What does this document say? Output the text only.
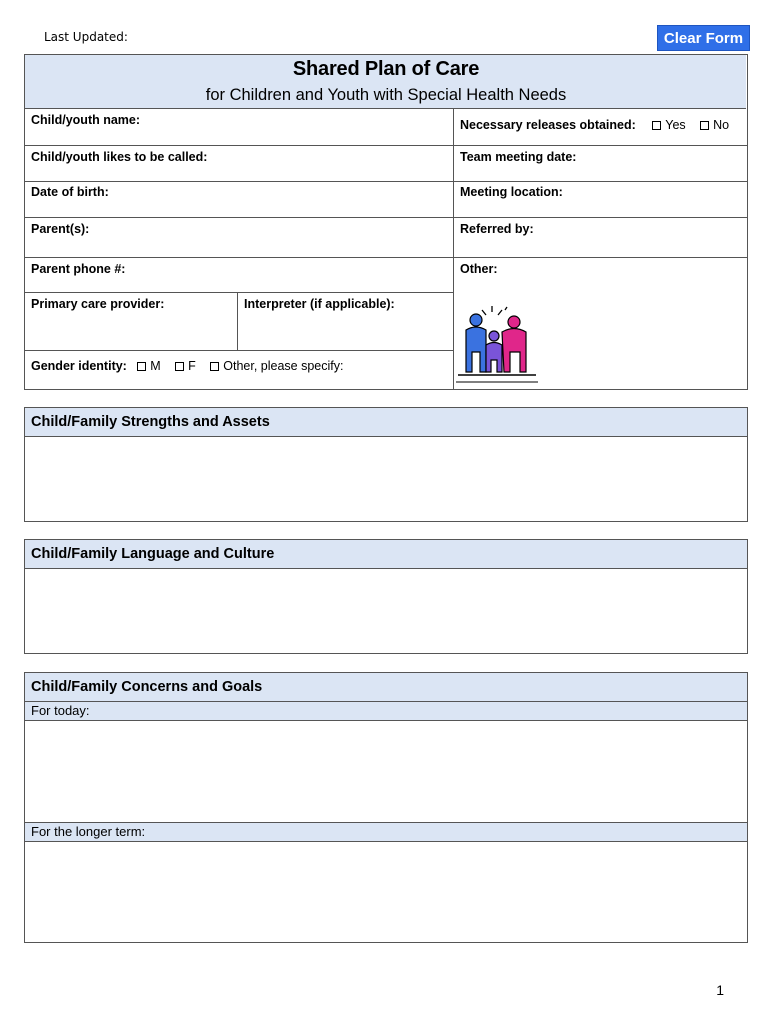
Last Updated:	Clear Form
Shared Plan of Care
for Children and Youth with Special Health Needs
Child/youth name:
Child/youth likes to be called:
Date of birth:
Parent(s):
Parent phone #:
Primary care provider:	Interpreter (if applicable):
Gender identity: M F Other, please specify:
Necessary releases obtained: Yes No
Team meeting date:
Meeting location:
Referred by:
Other:
Child/Family Strengths and Assets
Child/Family Language and Culture
Child/Family Concerns and Goals
For today:
For the longer term:
1
